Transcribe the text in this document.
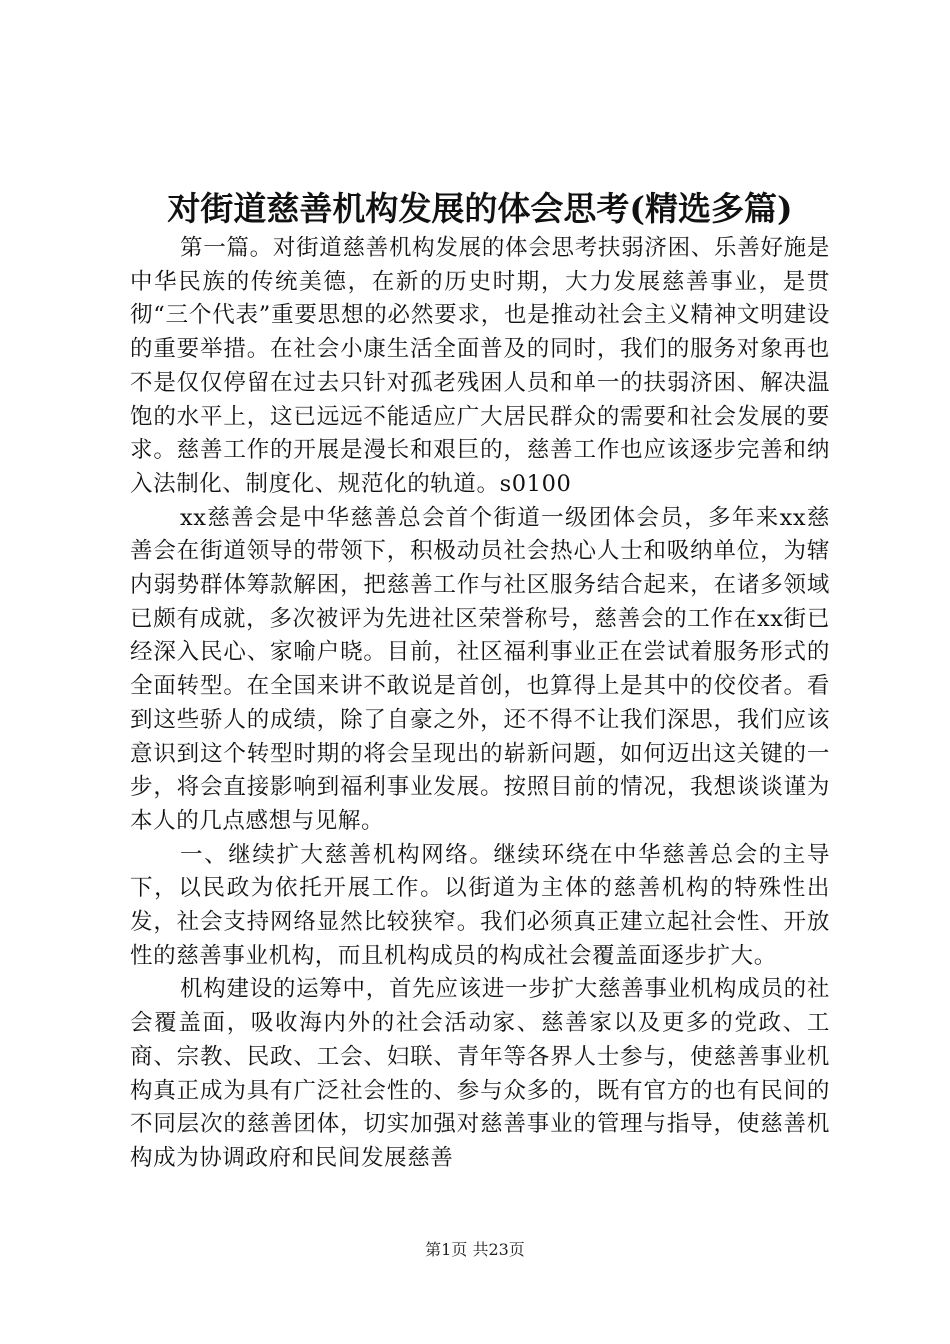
对街道慈善机构发展的体会思考(精选多篇)

第一篇。对街道慈善机构发展的体会思考扶弱济困、乐善好施是中华民族的传统美德，在新的历史时期，大力发展慈善事业，是贯彻“三个代表”重要思想的必然要求，也是推动社会主义精神文明建设的重要举措。在社会小康生活全面普及的同时，我们的服务对象再也不是仅仅停留在过去只针对孤老残困人员和单一的扶弱济困、解决温饱的水平上，这已远远不能适应广大居民群众的需要和社会发展的要求。慈善工作的开展是漫长和艰巨的，慈善工作也应该逐步完善和纳入法制化、制度化、规范化的轨道。s0100

xx慈善会是中华慈善总会首个街道一级团体会员，多年来xx慈善会在街道领导的带领下，积极动员社会热心人士和吸纳单位，为辖内弱势群体筹款解困，把慈善工作与社区服务结合起来，在诸多领域已颇有成就，多次被评为先进社区荣誉称号，慈善会的工作在xx街已经深入民心、家喻户晓。目前，社区福利事业正在尝试着服务形式的全面转型。在全国来讲不敢说是首创，也算得上是其中的佼佼者。看到这些骄人的成绩，除了自豪之外，还不得不让我们深思，我们应该意识到这个转型时期的将会呈现出的崭新问题，如何迈出这关键的一步，将会直接影响到福利事业发展。按照目前的情况，我想谈谈谨为本人的几点感想与见解。

一、继续扩大慈善机构网络。继续环绕在中华慈善总会的主导下，以民政为依托开展工作。以街道为主体的慈善机构的特殊性出发，社会支持网络显然比较狭窄。我们必须真正建立起社会性、开放性的慈善事业机构，而且机构成员的构成社会覆盖面逐步扩大。

机构建设的运筹中，首先应该进一步扩大慈善事业机构成员的社会覆盖面，吸收海内外的社会活动家、慈善家以及更多的党政、工商、宗教、民政、工会、妇联、青年等各界人士参与，使慈善事业机构真正成为具有广泛社会性的、参与众多的，既有官方的也有民间的不同层次的慈善团体，切实加强对慈善事业的管理与指导，使慈善机构成为协调政府和民间发展慈善

第1页 共23页
